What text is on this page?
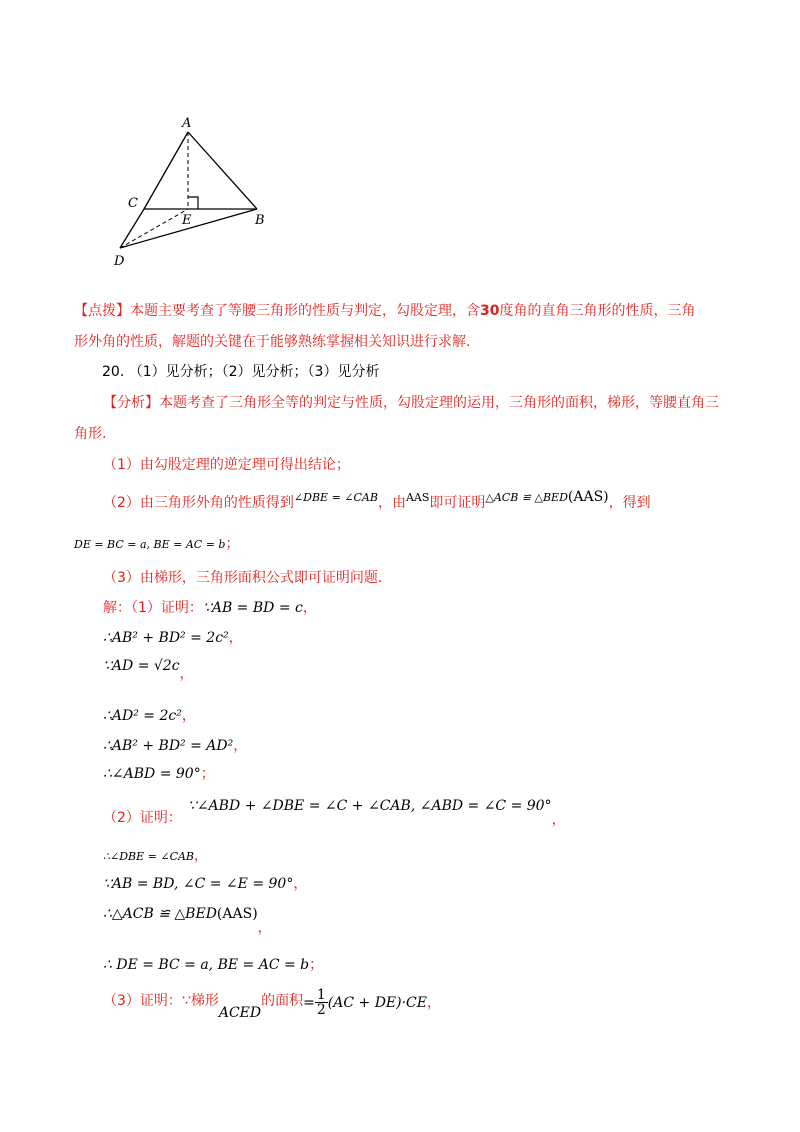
A
C
E	B
D
【点拨】本题主要考查了等腰三角形的性质与判定，勾股定理，含30度角的直角三角形的性质，三角
形外角的性质，解题的关键在于能够熟练掌握相关知识进行求解.
20. （1）见分析；（2）见分析；（3）见分析
【分析】本题考查了三角形全等的判定与性质，勾股定理的运用，三角形的面积，梯形，等腰直角三
角形.
（1）由勾股定理的逆定理可得出结论；
（2）由三角形外角的性质得到$^{\angle DBE = \angle CAB}$，由$^{AAS}$即可证明$^{\triangle ACB ≌ \triangle BED}$(AAS)，得到
DE = BC = a, BE = AC = b；
（3）由梯形，三角形面积公式即可证明问题.
解：（1）证明：∵AB = BD = c，
∴AB² + BD² = 2c²，
∵AD = √2c，
∴AD² = 2c²，
∴AB² + BD² = AD²，
∴∠ABD = 90°；
（2）证明：∵∠ABD + ∠DBE = ∠C + ∠CAB, ∠ABD = ∠C = 90°，
∴∠DBE = ∠CAB，
∵AB = BD, ∠C = ∠E = 90°，
∴△ACB ≌ △BED(AAS)，
∴ DE = BC = a, BE = AC = b；
（3）证明：∵梯形ACED的面积= $\frac{1}{2} (AC + DE)\cdot CE$，
